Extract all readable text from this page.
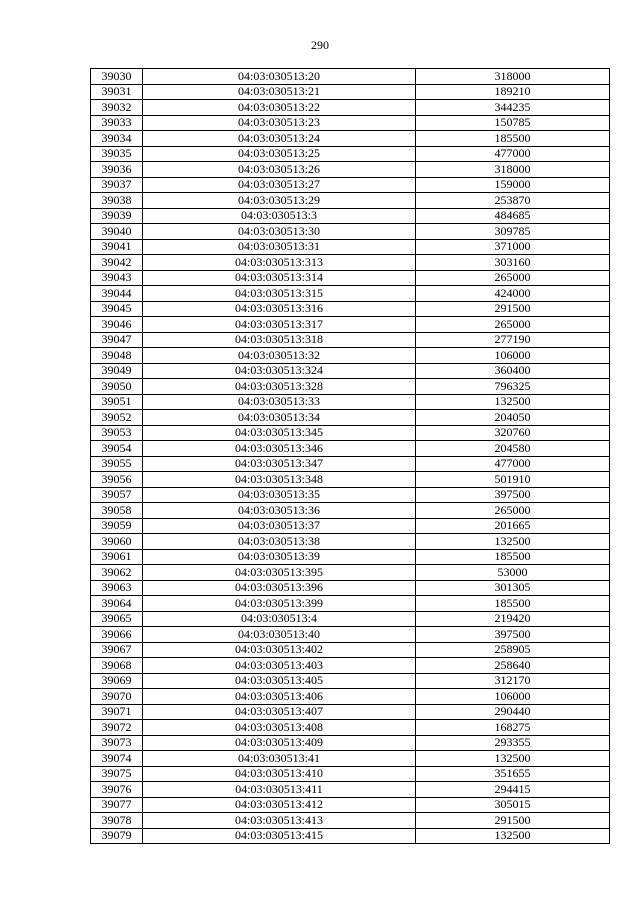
290
39030	04:03:030513:20	318000
39031	04:03:030513:21	189210
39032	04:03:030513:22	344235
39033	04:03:030513:23	150785
39034	04:03:030513:24	185500
39035	04:03:030513:25	477000
39036	04:03:030513:26	318000
39037	04:03:030513:27	159000
39038	04:03:030513:29	253870
39039	04:03:030513:3	484685
39040	04:03:030513:30	309785
39041	04:03:030513:31	371000
39042	04:03:030513:313	303160
39043	04:03:030513:314	265000
39044	04:03:030513:315	424000
39045	04:03:030513:316	291500
39046	04:03:030513:317	265000
39047	04:03:030513:318	277190
39048	04:03:030513:32	106000
39049	04:03:030513:324	360400
39050	04:03:030513:328	796325
39051	04:03:030513:33	132500
39052	04:03:030513:34	204050
39053	04:03:030513:345	320760
39054	04:03:030513:346	204580
39055	04:03:030513:347	477000
39056	04:03:030513:348	501910
39057	04:03:030513:35	397500
39058	04:03:030513:36	265000
39059	04:03:030513:37	201665
39060	04:03:030513:38	132500
39061	04:03:030513:39	185500
39062	04:03:030513:395	53000
39063	04:03:030513:396	301305
39064	04:03:030513:399	185500
39065	04:03:030513:4	219420
39066	04:03:030513:40	397500
39067	04:03:030513:402	258905
39068	04:03:030513:403	258640
39069	04:03:030513:405	312170
39070	04:03:030513:406	106000
39071	04:03:030513:407	290440
39072	04:03:030513:408	168275
39073	04:03:030513:409	293355
39074	04:03:030513:41	132500
39075	04:03:030513:410	351655
39076	04:03:030513:411	294415
39077	04:03:030513:412	305015
39078	04:03:030513:413	291500
39079	04:03:030513:415	132500
